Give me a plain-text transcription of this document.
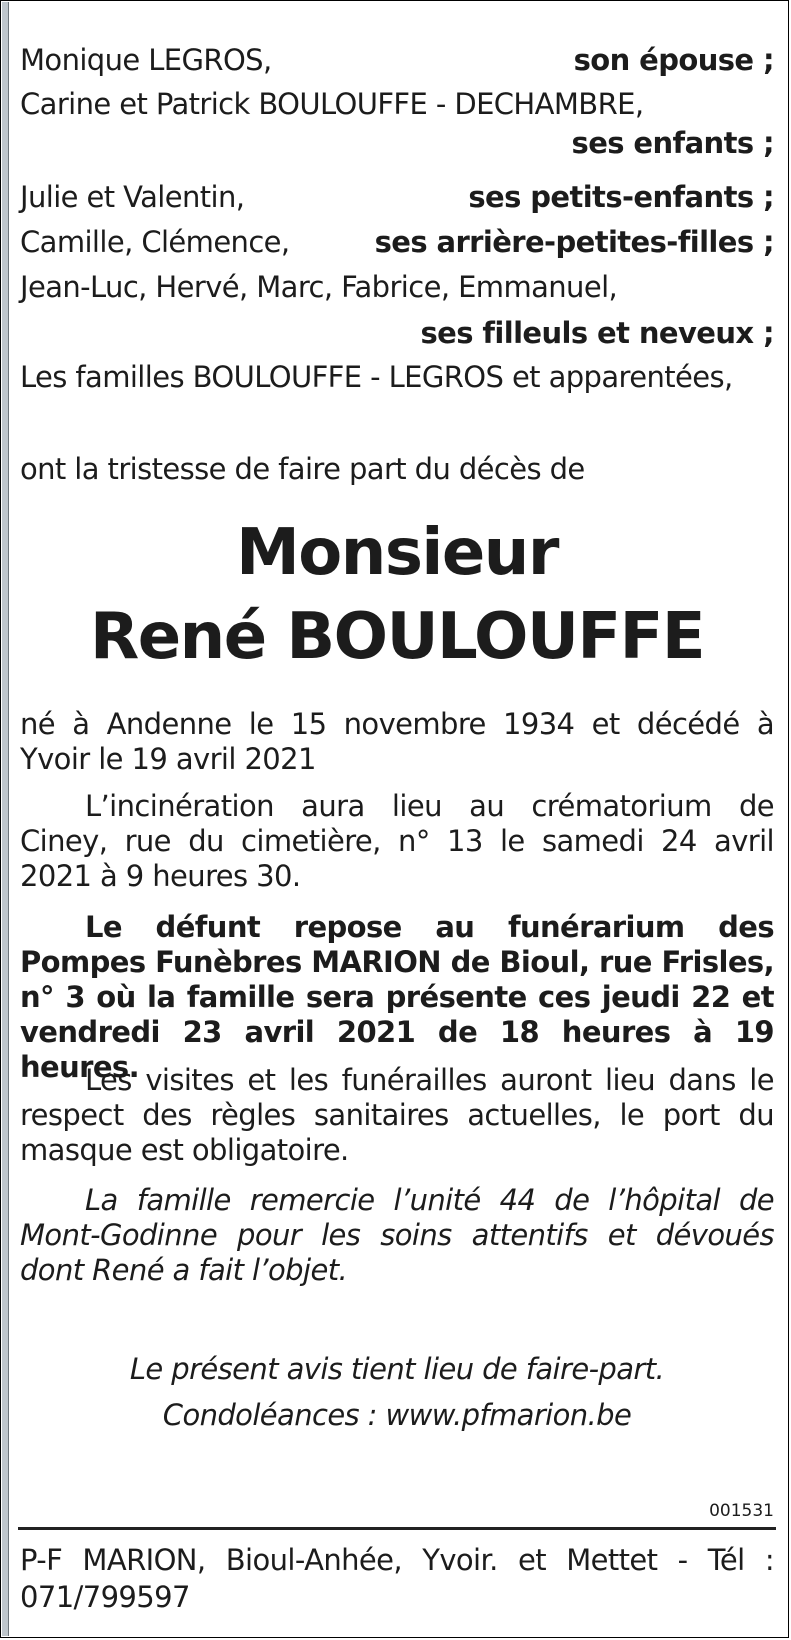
Monique LEGROS,	son épouse ;
Carine et Patrick BOULOUFFE - DECHAMBRE,
ses enfants ;
Julie et Valentin,	ses petits-enfants ;
Camille, Clémence,	ses arrière-petites-filles ;
Jean-Luc, Hervé, Marc, Fabrice, Emmanuel,
ses filleuls et neveux ;
Les familles BOULOUFFE - LEGROS et apparentées,
ont la tristesse de faire part du décès de
Monsieur
René BOULOUFFE
né à Andenne le 15 novembre 1934 et décédé à Yvoir le 19 avril 2021
L’incinération aura lieu au crématorium de Ciney, rue du cimetière, n° 13 le samedi 24 avril 2021 à 9 heures 30.
Le défunt repose au funérarium des Pompes Funèbres MARION de Bioul, rue Frisles, n° 3 où la famille sera présente ces jeudi 22 et vendredi 23 avril 2021 de 18 heures à 19 heures.
Les visites et les funérailles auront lieu dans le respect des règles sanitaires actuelles, le port du masque est obligatoire.
La famille remercie l’unité 44 de l’hôpital de Mont-Godinne pour les soins attentifs et dévoués dont René a fait l’objet.
Le présent avis tient lieu de faire-part.
Condoléances : www.pfmarion.be
001531
P-F MARION, Bioul-Anhée, Yvoir. et Mettet - Tél : 071/799597
